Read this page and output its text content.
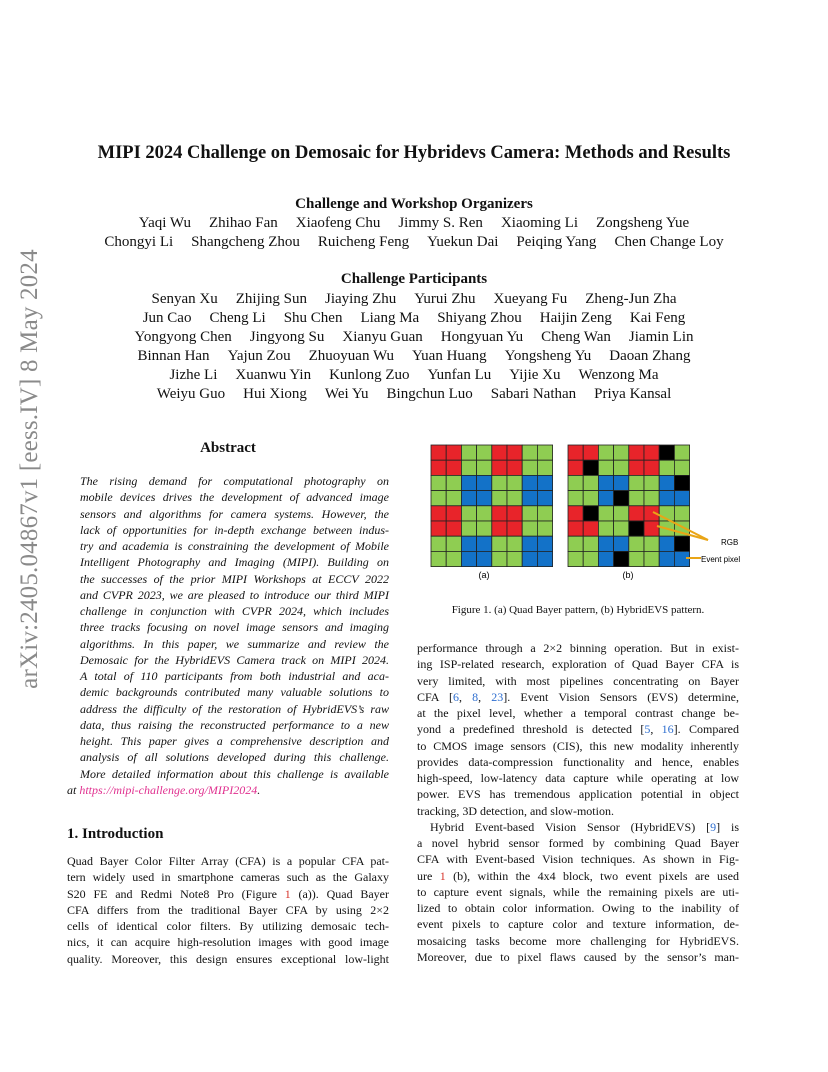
arXiv:2405.04867v1 [eess.IV] 8 May 2024
MIPI 2024 Challenge on Demosaic for Hybridevs Camera: Methods and Results
Challenge and Workshop Organizers
Yaqi Wu Zhihao Fan Xiaofeng Chu Jimmy S. Ren Xiaoming Li Zongsheng Yue
Chongyi Li Shangcheng Zhou Ruicheng Feng Yuekun Dai Peiqing Yang Chen Change Loy
Challenge Participants
Senyan Xu Zhijing Sun Jiaying Zhu Yurui Zhu Xueyang Fu Zheng-Jun Zha
Jun Cao Cheng Li Shu Chen Liang Ma Shiyang Zhou Haijin Zeng Kai Feng
Yongyong Chen Jingyong Su Xianyu Guan Hongyuan Yu Cheng Wan Jiamin Lin
Binnan Han Yajun Zou Zhuoyuan Wu Yuan Huang Yongsheng Yu Daoan Zhang
Jizhe Li Xuanwu Yin Kunlong Zuo Yunfan Lu Yijie Xu Wenzong Ma
Weiyu Guo Hui Xiong Wei Yu Bingchun Luo Sabari Nathan Priya Kansal
Abstract
The rising demand for computational photography on
mobile devices drives the development of advanced image
sensors and algorithms for camera systems. However, the
lack of opportunities for in-depth exchange between indus-
try and academia is constraining the development of Mobile
Intelligent Photography and Imaging (MIPI). Building on
the successes of the prior MIPI Workshops at ECCV 2022
and CVPR 2023, we are pleased to introduce our third MIPI
challenge in conjunction with CVPR 2024, which includes
three tracks focusing on novel image sensors and imaging
algorithms. In this paper, we summarize and review the
Demosaic for the HybridEVS Camera track on MIPI 2024.
A total of 110 participants from both industrial and aca-
demic backgrounds contributed many valuable solutions to
address the difficulty of the restoration of HybridEVS’s raw
data, thus raising the reconstructed performance to a new
height. This paper gives a comprehensive description and
analysis of all solutions developed during this challenge.
More detailed information about this challenge is available
at https://mipi-challenge.org/MIPI2024.
1. Introduction
Quad Bayer Color Filter Array (CFA) is a popular CFA pat-
tern widely used in smartphone cameras such as the Galaxy
S20 FE and Redmi Note8 Pro (Figure 1 (a)). Quad Bayer
CFA differs from the traditional Bayer CFA by using 2×2
cells of identical color filters. By utilizing demosaic tech-
nics, it can acquire high-resolution images with good image
quality. Moreover, this design ensures exceptional low-light
RGB
Event pixel
(a)	(b)
Figure 1. (a) Quad Bayer pattern, (b) HybridEVS pattern.
performance through a 2×2 binning operation. But in exist-
ing ISP-related research, exploration of Quad Bayer CFA is
very limited, with most pipelines concentrating on Bayer
CFA [6, 8, 23]. Event Vision Sensors (EVS) determine,
at the pixel level, whether a temporal contrast change be-
yond a predefined threshold is detected [5, 16]. Compared
to CMOS image sensors (CIS), this new modality inherently
provides data-compression functionality and hence, enables
high-speed, low-latency data capture while operating at low
power. EVS has tremendous application potential in object
tracking, 3D detection, and slow-motion.
Hybrid Event-based Vision Sensor (HybridEVS) [9] is
a novel hybrid sensor formed by combining Quad Bayer
CFA with Event-based Vision techniques. As shown in Fig-
ure 1 (b), within the 4x4 block, two event pixels are used
to capture event signals, while the remaining pixels are uti-
lized to obtain color information. Owing to the inability of
event pixels to capture color and texture information, de-
mosaicing tasks become more challenging for HybridEVS.
Moreover, due to pixel flaws caused by the sensor’s man-
